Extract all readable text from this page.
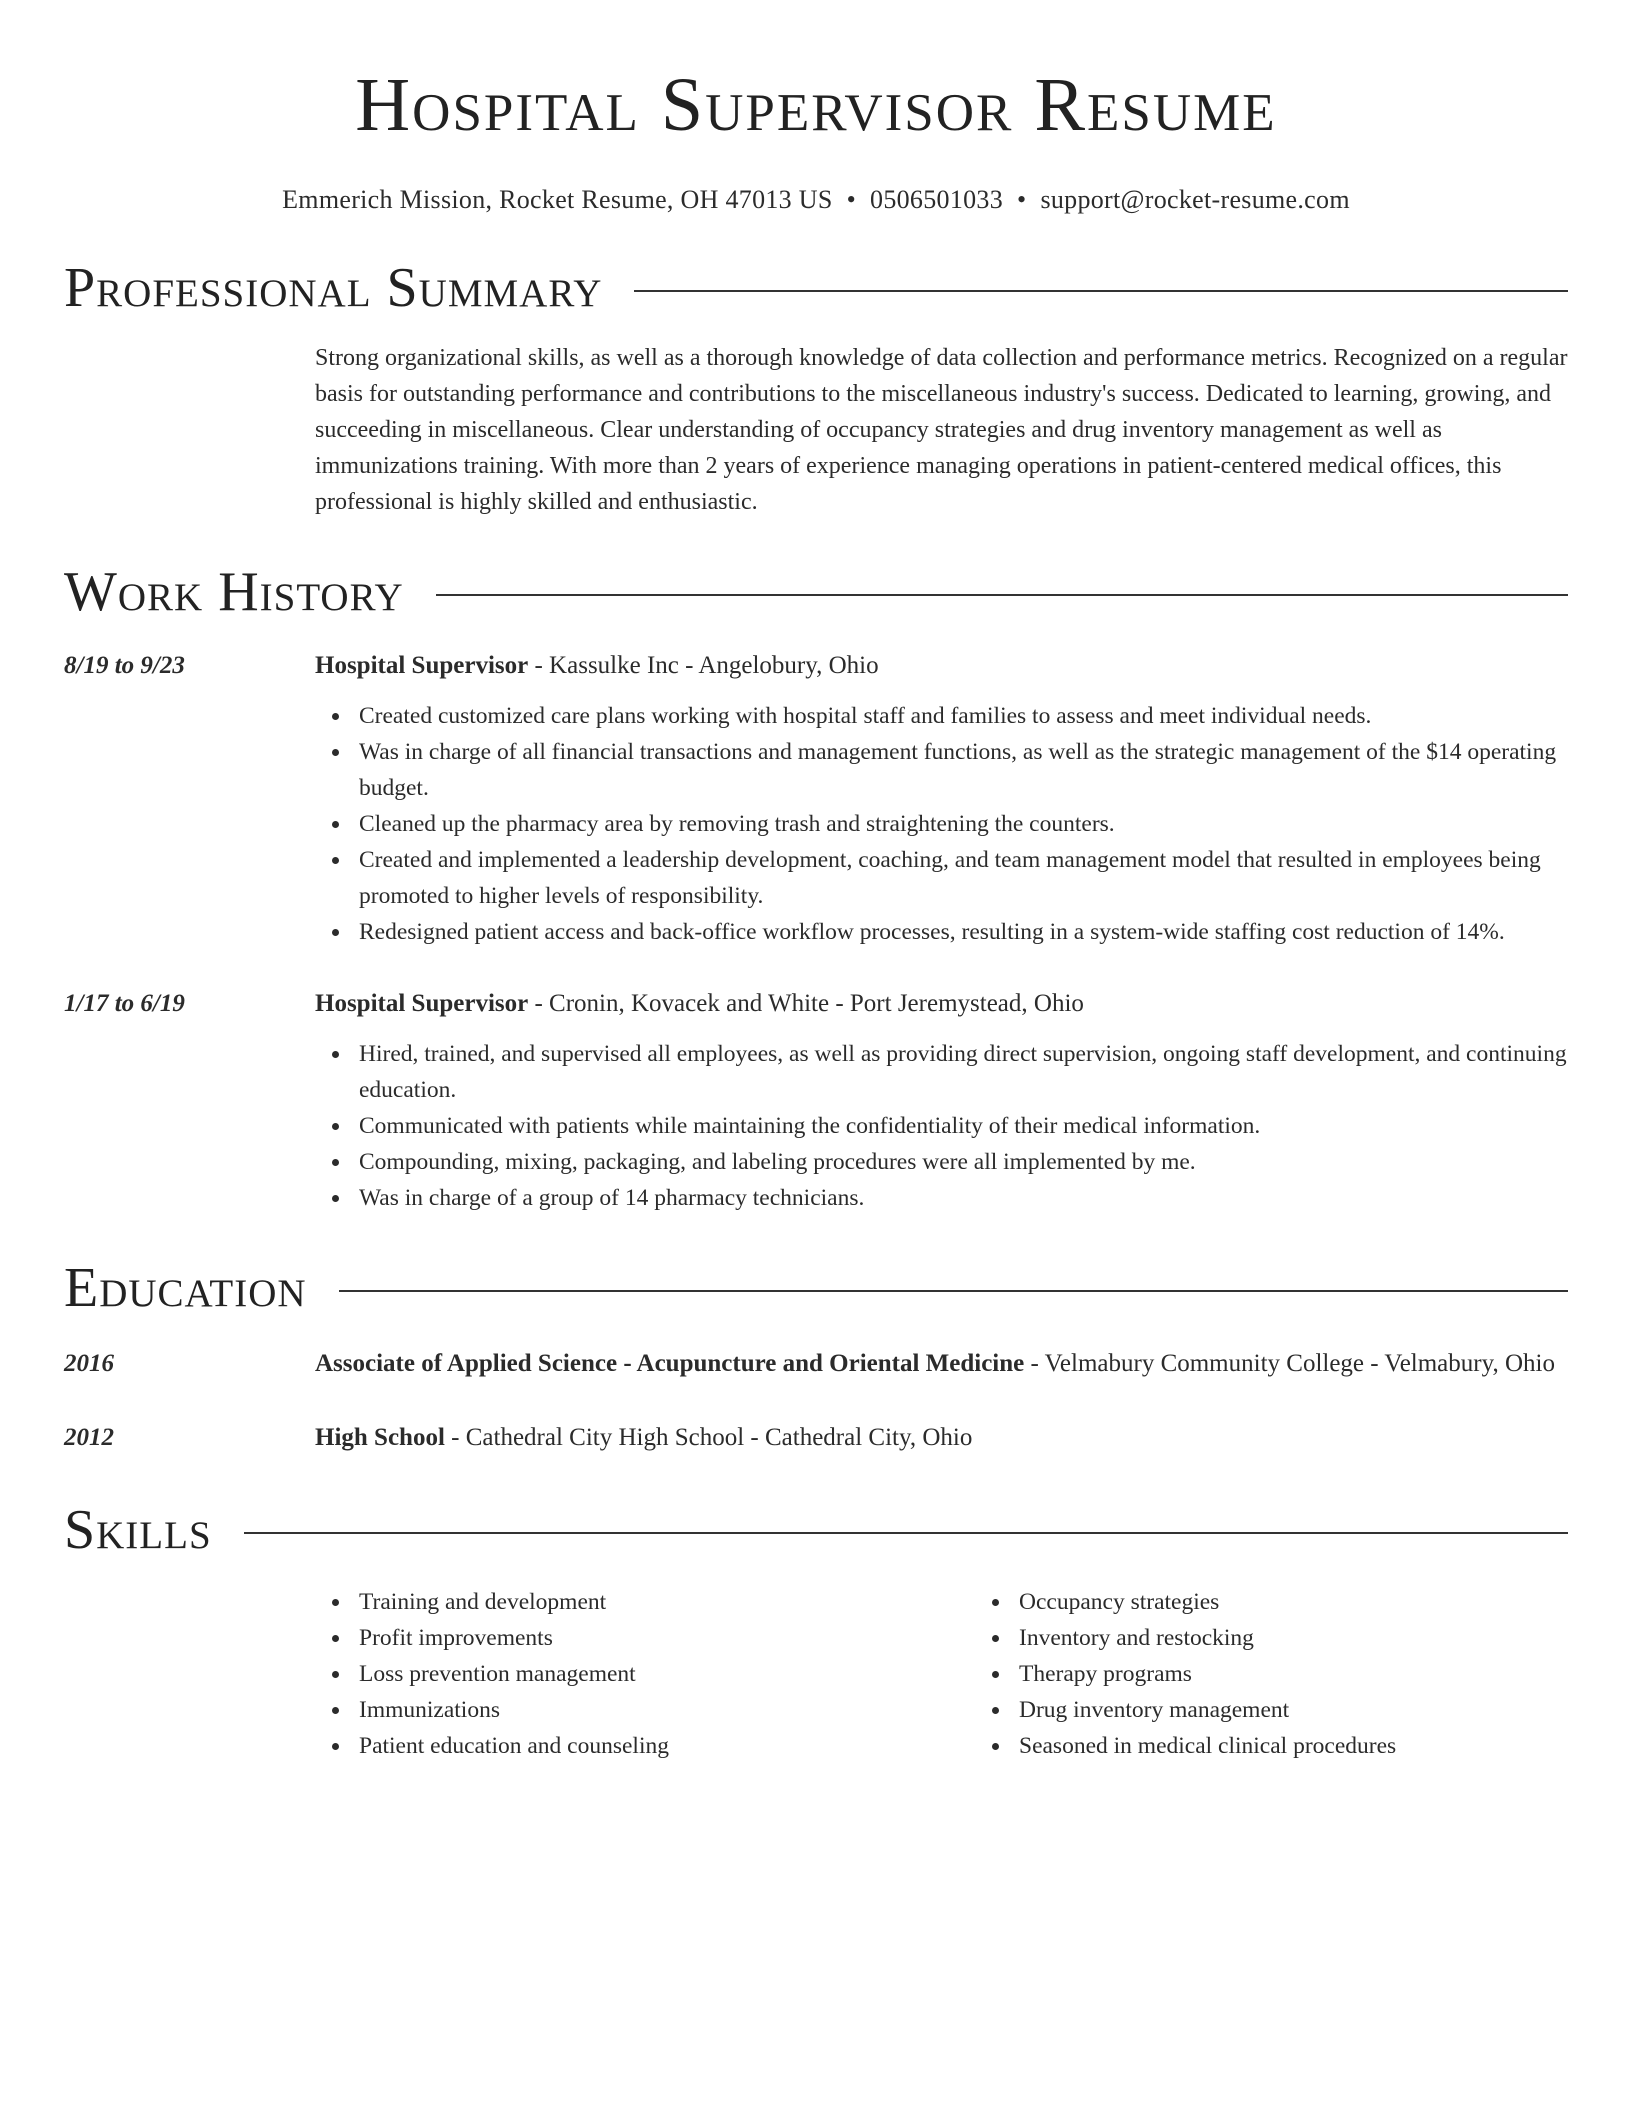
Hospital Supervisor Resume
Emmerich Mission, Rocket Resume, OH 47013 US • 0506501033 • support@rocket-resume.com
Professional Summary

Strong organizational skills, as well as a thorough knowledge of data collection and performance metrics. Recognized on a regular basis for outstanding performance and contributions to the miscellaneous industry's success. Dedicated to learning, growing, and succeeding in miscellaneous. Clear understanding of occupancy strategies and drug inventory management as well as immunizations training. With more than 2 years of experience managing operations in patient-centered medical offices, this professional is highly skilled and enthusiastic.

Work History
8/19 to 9/23	Hospital Supervisor - Kassulke Inc - Angelobury, Ohio
Created customized care plans working with hospital staff and families to assess and meet individual needs.
Was in charge of all financial transactions and management functions, as well as the strategic management of the $14 operating budget.
Cleaned up the pharmacy area by removing trash and straightening the counters.
Created and implemented a leadership development, coaching, and team management model that resulted in employees being promoted to higher levels of responsibility.
Redesigned patient access and back-office workflow processes, resulting in a system-wide staffing cost reduction of 14%.
1/17 to 6/19	Hospital Supervisor - Cronin, Kovacek and White - Port Jeremystead, Ohio
Hired, trained, and supervised all employees, as well as providing direct supervision, ongoing staff development, and continuing education.
Communicated with patients while maintaining the confidentiality of their medical information.
Compounding, mixing, packaging, and labeling procedures were all implemented by me.
Was in charge of a group of 14 pharmacy technicians.
Education
2016	Associate of Applied Science - Acupuncture and Oriental Medicine - Velmabury Community College - Velmabury, Ohio
2012	High School - Cathedral City High School - Cathedral City, Ohio
Skills
Training and development
Profit improvements
Loss prevention management
Immunizations
Patient education and counseling
Occupancy strategies
Inventory and restocking
Therapy programs
Drug inventory management
Seasoned in medical clinical procedures
